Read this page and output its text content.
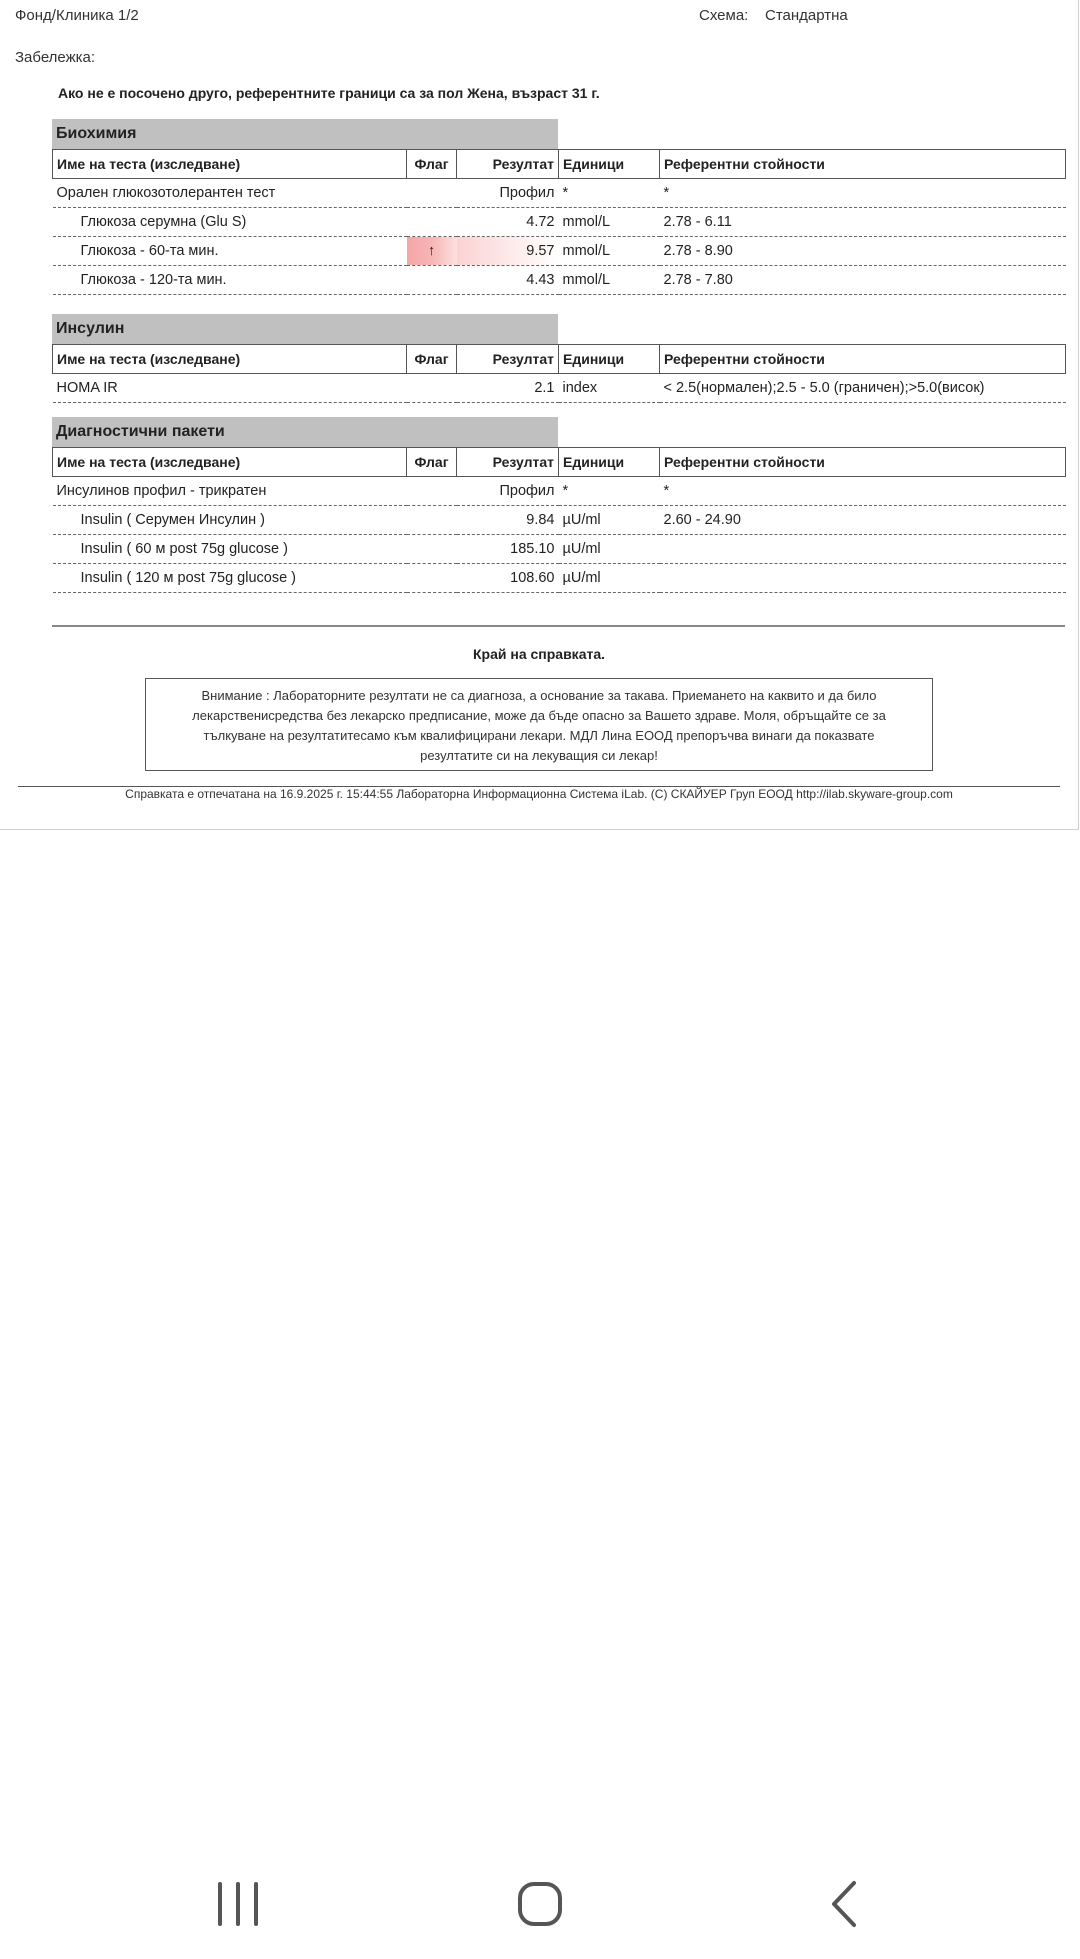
Фонд/Клиника 1/2	Схема: Стандартна
Забележка:
Ако не е посочено друго, референтните граници са за пол Жена, възраст 31 г.
Биохимия
Име на теста (изследване)	Флаг	Резултат	Единици	Референтни стойности
Орален глюкозотолерантен тест		Профил	*	*
Глюкоза серумна (Glu S)		4.72	mmol/L	2.78 - 6.11
Глюкоза - 60-та мин.	↑	9.57	mmol/L	2.78 - 8.90
Глюкоза - 120-та мин.		4.43	mmol/L	2.78 - 7.80
Инсулин
Име на теста (изследване)	Флаг	Резултат	Единици	Референтни стойности
HOMA IR		2.1	index	< 2.5(нормален);2.5 - 5.0 (граничен);>5.0(висок)
Диагностични пакети
Име на теста (изследване)	Флаг	Резултат	Единици	Референтни стойности
Инсулинов профил - трикратен		Профил	*	*
Insulin ( Серумен Инсулин )		9.84	µU/ml	2.60 - 24.90
Insulin ( 60 м post 75g glucose )		185.10	µU/ml	
Insulin ( 120 м post 75g glucose )		108.60	µU/ml	
Край на справката.
Внимание : Лабораторните резултати не са диагноза, а основание за такава. Приемането на каквито и да било лекарствениcредства без лекарско предписание, може да бъде опасно за Вашето здраве. Моля, обръщайте се за тълкуване на резултатитесамо към квалифицирани лекари. МДЛ Лина ЕООД препоръчва винаги да показвате резултатите си на лекуващия си лекар!
Справката е отпечатана на 16.9.2025 г. 15:44:55 Лабораторна Информационна Система iLab. (C) СКАЙУЕР Груп ЕООД http://ilab.skyware-group.com
